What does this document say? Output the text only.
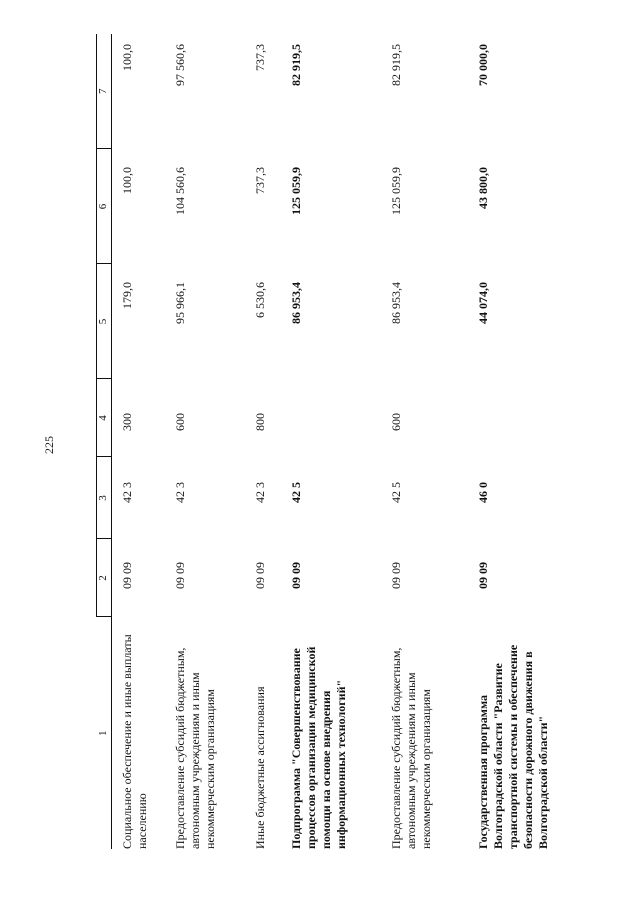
225
1	2	3	4	5	6	7
Социальное обеспечение и иные выплаты населению	09 09	42 3	300	179,0	100,0	100,0
Предоставление субсидий бюджетным, автономным учреждениям и иным некоммерческим организациям	09 09	42 3	600	95 966,1	104 560,6	97 560,6
Иные бюджетные ассигнования	09 09	42 3	800	6 530,6	737,3	737,3
Подпрограмма "Совершенствование процессов организации медицинской помощи на основе внедрения информационных технологий"	09 09	42 5		86 953,4	125 059,9	82 919,5
Предоставление субсидий бюджетным, автономным учреждениям и иным некоммерческим организациям	09 09	42 5	600	86 953,4	125 059,9	82 919,5
Государственная программа Волгоградской области "Развитие транспортной системы и обеспечение безопасности дорожного движения в Волгоградской области"	09 09	46 0		44 074,0	43 800,0	70 000,0
